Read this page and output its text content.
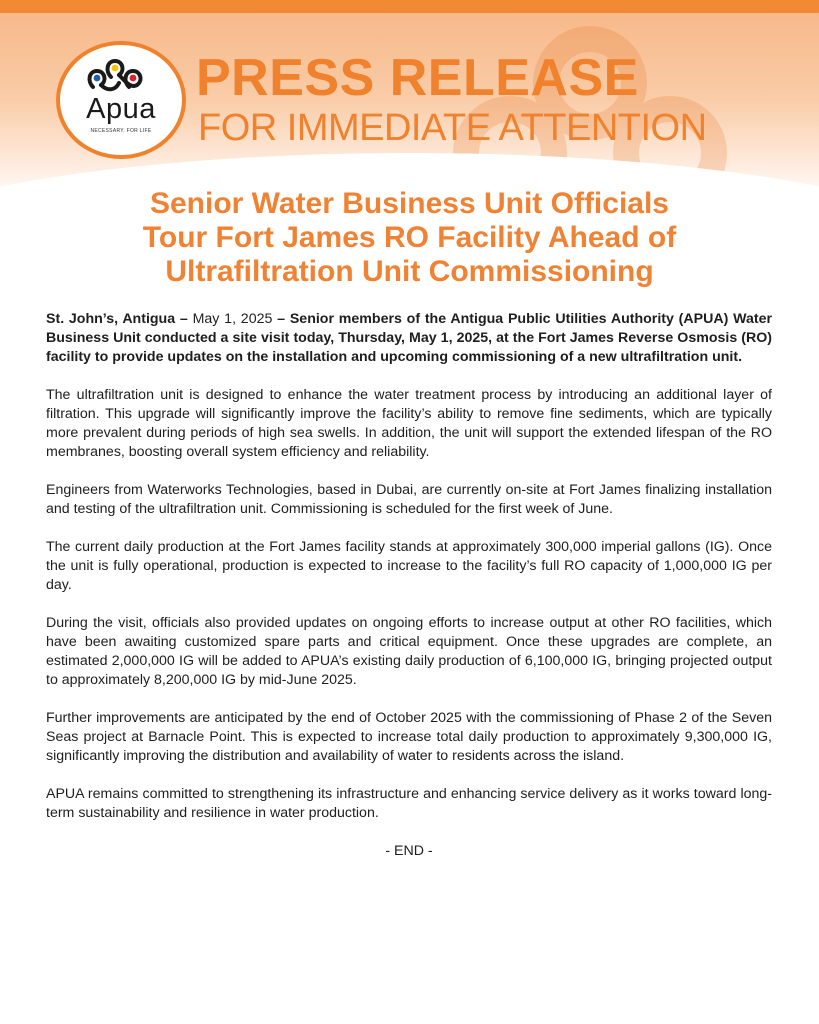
Apua
NECESSARY. FOR LIFE
PRESS RELEASE
FOR IMMEDIATE ATTENTION
Senior Water Business Unit Officials
Tour Fort James RO Facility Ahead of
Ultrafiltration Unit Commissioning

St. John’s, Antigua – May 1, 2025 – Senior members of the Antigua Public Utilities Authority (APUA) Water Business Unit conducted a site visit today, Thursday, May 1, 2025, at the Fort James Reverse Osmosis (RO) facility to provide updates on the installation and upcoming commissioning of a new ultrafiltration unit.

The ultrafiltration unit is designed to enhance the water treatment process by introducing an additional layer of filtration. This upgrade will significantly improve the facility’s ability to remove fine sediments, which are typically more prevalent during periods of high sea swells. In addition, the unit will support the extended lifespan of the RO membranes, boosting overall system efficiency and reliability.

Engineers from Waterworks Technologies, based in Dubai, are currently on-site at Fort James finalizing installation and testing of the ultrafiltration unit. Commissioning is scheduled for the first week of June.

The current daily production at the Fort James facility stands at approximately 300,000 imperial gallons (IG). Once the unit is fully operational, production is expected to increase to the facility’s full RO capacity of 1,000,000 IG per day.

During the visit, officials also provided updates on ongoing efforts to increase output at other RO facilities, which have been awaiting customized spare parts and critical equipment. Once these upgrades are complete, an estimated 2,000,000 IG will be added to APUA’s existing daily production of 6,100,000 IG, bringing projected output to approximately 8,200,000 IG by mid-June 2025.

Further improvements are anticipated by the end of October 2025 with the commissioning of Phase 2 of the Seven Seas project at Barnacle Point. This is expected to increase total daily production to approximately 9,300,000 IG, significantly improving the distribution and availability of water to residents across the island.

APUA remains committed to strengthening its infrastructure and enhancing service delivery as it works toward long-term sustainability and resilience in water production.

- END -
